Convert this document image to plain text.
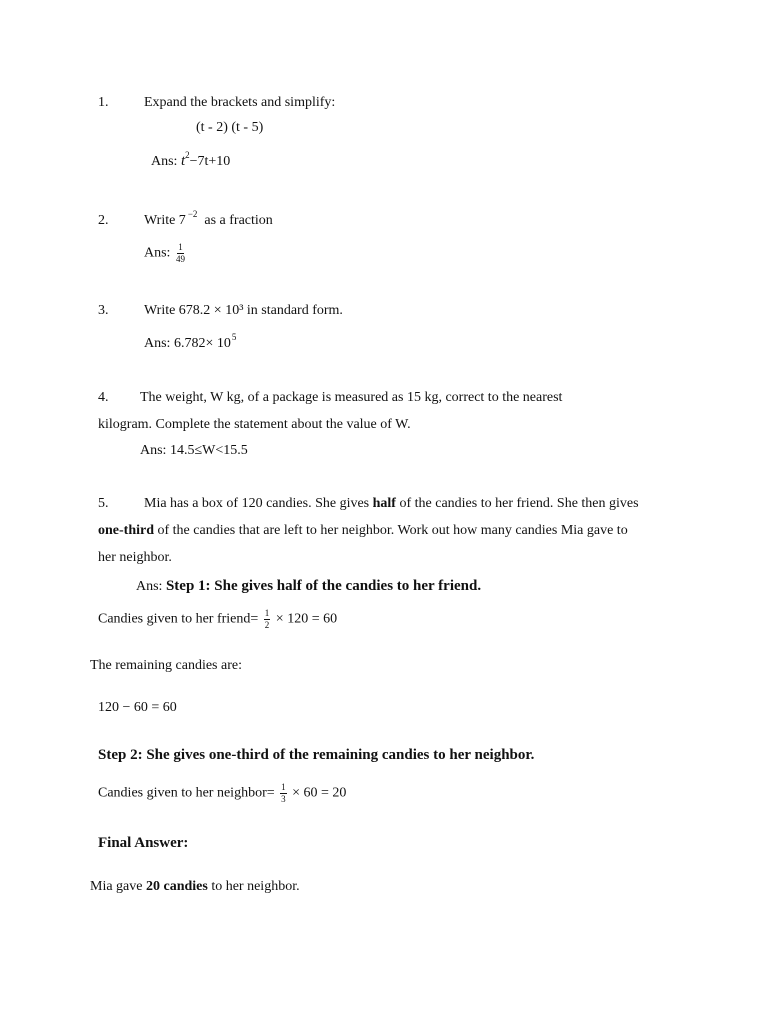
1.	Expand the brackets and simplify:
(t - 2) (t - 5)
Ans: $t^2-7t+10$
2.	Write 7 $^{-2}$ as a fraction
Ans: $\frac{1}{49}$
3.	Write 678.2 × 10³ in standard form.
Ans: $6.782\times 10^5$
4. The weight, W kg, of a package is measured as 15 kg, correct to the nearest
kilogram. Complete the statement about the value of W.
Ans: 14.5≤W<15.5
5.	Mia has a box of 120 candies. She gives half of the candies to her friend. She then gives
one-third of the candies that are left to her neighbor. Work out how many candies Mia gave to
her neighbor.
Ans: Step 1: She gives half of the candies to her friend.
Candies given to her friend= $\frac{1}{2} \times 120 = 60$
The remaining candies are:
120 − 60 = 60
Step 2: She gives one-third of the remaining candies to her neighbor.
Candies given to her neighbor= $\frac{1}{3} \times 60 = 20$
Final Answer:
Mia gave 20 candies to her neighbor.
